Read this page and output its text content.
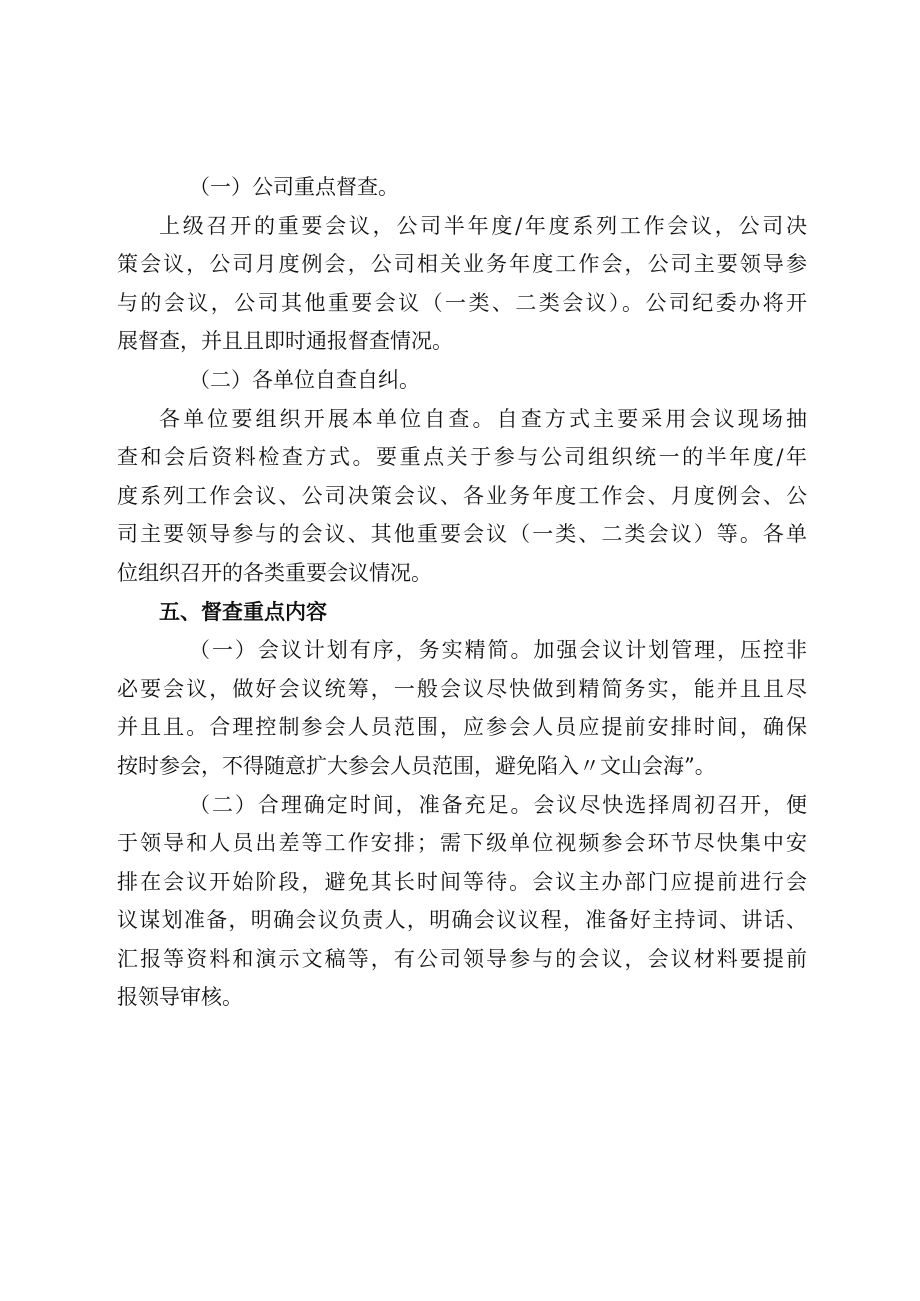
（一）公司重点督查。
上级召开的重要会议，公司半年度/年度系列工作会议，公司决
策会议，公司月度例会，公司相关业务年度工作会，公司主要领导参
与的会议，公司其他重要会议（一类、二类会议）。公司纪委办将开
展督查，并且且即时通报督查情况。
（二）各单位自查自纠。
各单位要组织开展本单位自查。自查方式主要采用会议现场抽
查和会后资料检查方式。要重点关于参与公司组织统一的半年度/年
度系列工作会议、公司决策会议、各业务年度工作会、月度例会、公
司主要领导参与的会议、其他重要会议（一类、二类会议）等。各单
位组织召开的各类重要会议情况。
五、督查重点内容
（一）会议计划有序，务实精简。加强会议计划管理，压控非
必要会议，做好会议统筹，一般会议尽快做到精简务实，能并且且尽
并且且。合理控制参会人员范围，应参会人员应提前安排时间，确保
按时参会，不得随意扩大参会人员范围，避免陷入〃文山会海”。
（二）合理确定时间，准备充足。会议尽快选择周初召开，便
于领导和人员出差等工作安排；需下级单位视频参会环节尽快集中安
排在会议开始阶段，避免其长时间等待。会议主办部门应提前进行会
议谋划准备，明确会议负责人，明确会议议程，准备好主持词、讲话、
汇报等资料和演示文稿等，有公司领导参与的会议，会议材料要提前
报领导审核。
